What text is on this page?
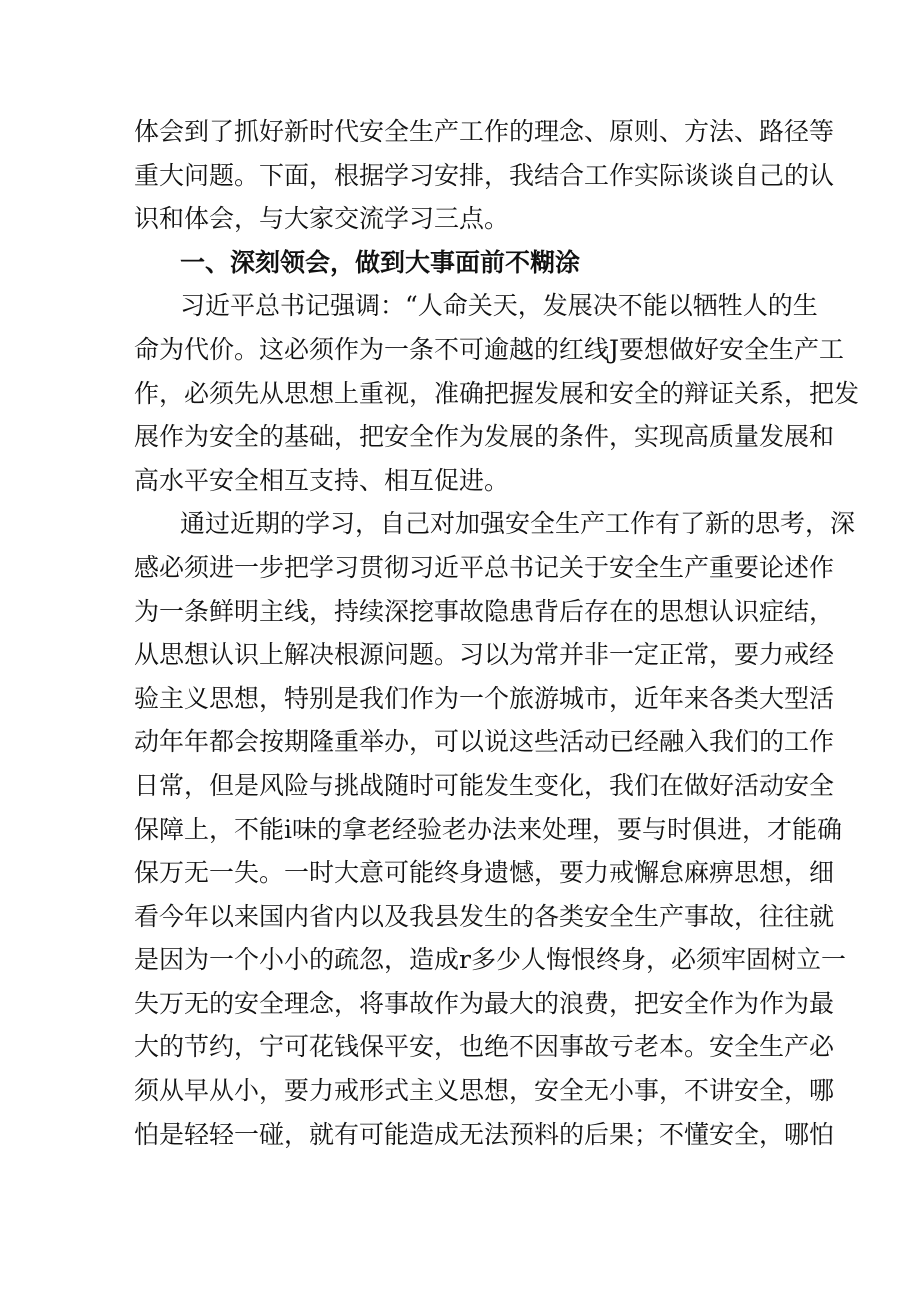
体会到了抓好新时代安全生产工作的理念、原则、方法、路径等
重大问题。下面，根据学习安排，我结合工作实际谈谈自己的认
识和体会，与大家交流学习三点。
一、深刻领会，做到大事面前不糊涂
习近平总书记强调：“人命关天，发展决不能以牺牲人的生
命为代价。这必须作为一条不可逾越的红线J要想做好安全生产工
作，必须先从思想上重视，准确把握发展和安全的辩证关系，把发
展作为安全的基础，把安全作为发展的条件，实现高质量发展和
高水平安全相互支持、相互促进。
通过近期的学习，自己对加强安全生产工作有了新的思考，深
感必须进一步把学习贯彻习近平总书记关于安全生产重要论述作
为一条鲜明主线，持续深挖事故隐患背后存在的思想认识症结，
从思想认识上解决根源问题。习以为常并非一定正常，要力戒经
验主义思想，特别是我们作为一个旅游城市，近年来各类大型活
动年年都会按期隆重举办，可以说这些活动已经融入我们的工作
日常，但是风险与挑战随时可能发生变化，我们在做好活动安全
保障上，不能i味的拿老经验老办法来处理，要与时俱进，才能确
保万无一失。一时大意可能终身遗憾，要力戒懈怠麻痹思想，细
看今年以来国内省内以及我县发生的各类安全生产事故，往往就
是因为一个小小的疏忽，造成r多少人悔恨终身，必须牢固树立一
失万无的安全理念，将事故作为最大的浪费，把安全作为作为最
大的节约，宁可花钱保平安，也绝不因事故亏老本。安全生产必
须从早从小，要力戒形式主义思想，安全无小事，不讲安全，哪
怕是轻轻一碰，就有可能造成无法预料的后果；不懂安全，哪怕
